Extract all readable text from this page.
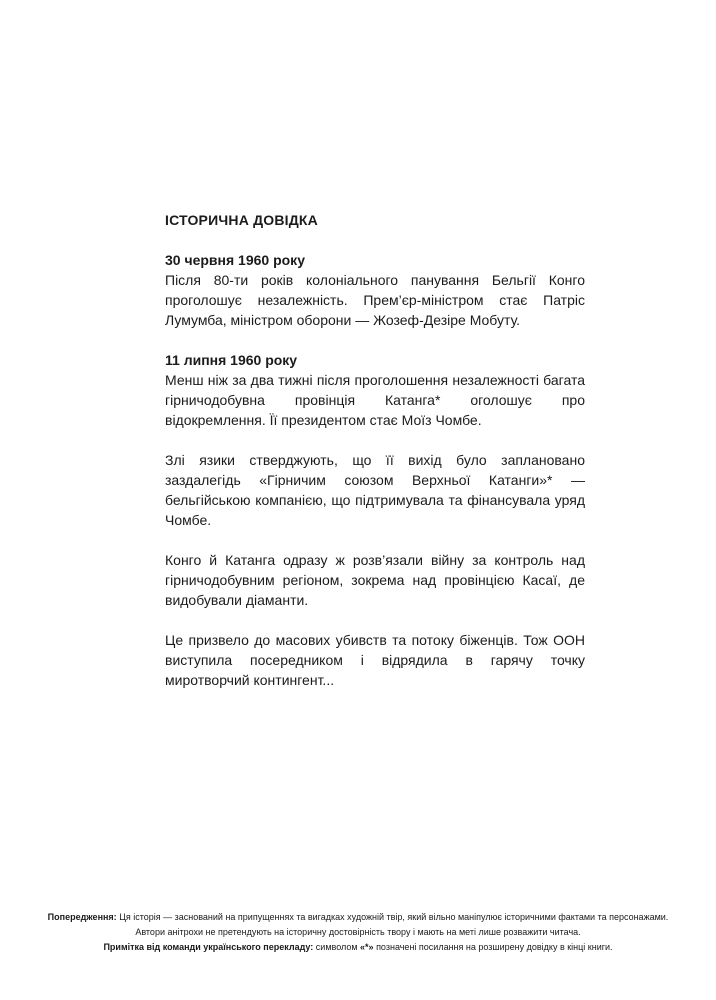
ІСТОРИЧНА ДОВІДКА

30 червня 1960 року

Після 80-ти років колоніального панування Бельгії Конго проголошує незалежність. Прем’єр-міністром стає Патріс Лумумба, міністром оборони — Жозеф-Дезіре Мобуту.

11 липня 1960 року

Менш ніж за два тижні після проголошення незалежності багата гірничодобувна провінція Катанга* оголошує про відокремлення. Її президентом стає Моїз Чомбе.

Злі язики стверджують, що її вихід було заплановано заздалегідь «Гірничим союзом Верхньої Катанги»* — бельгійською компанією, що підтримувала та фінансувала уряд Чомбе.

Конго й Катанга одразу ж розв’язали війну за контроль над гірничодобувним регіоном, зокрема над провінцією Касаї, де видобували діаманти.

Це призвело до масових убивств та потоку біженців. Тож ООН виступила посередником і відрядила в гарячу точку миротворчий контингент...

Попередження: Ця історія — заснований на припущеннях та вигадках художній твір, який вільно маніпулює історичними фактами та персонажами.
Автори анітрохи не претендують на історичну достовірність твору і мають на меті лише розважити читача.
Примітка від команди українського перекладу: символом «*» позначені посилання на розширену довідку в кінці книги.
